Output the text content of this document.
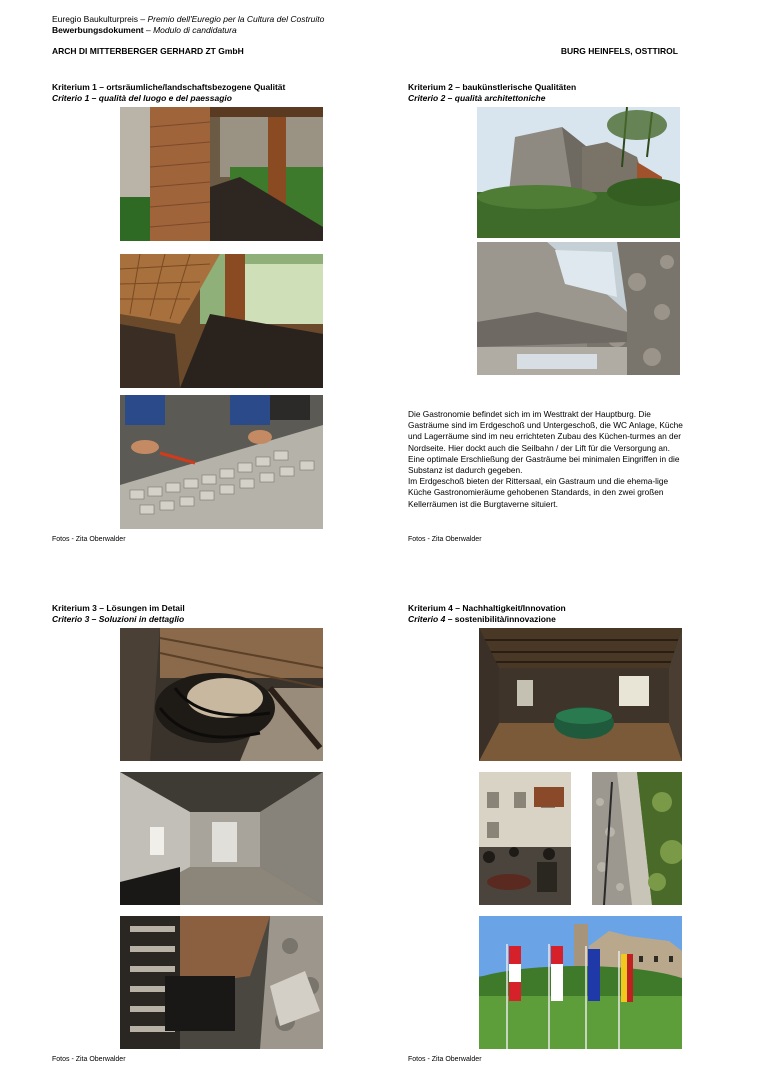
Euregio Baukulturpreis – Premio dell'Euregio per la Cultura del Costruito
Bewerbungsdokument – Modulo di candidatura
ARCH DI MITTERBERGER GERHARD ZT GmbH	BURG HEINFELS, OSTTIROL
Kriterium 1 – ortsräumliche/landschaftsbezogene Qualität
Criterio 1 – qualità del luogo e del paessagio
Fotos - Zita Oberwalder
Kriterium 2 – baukünstlerische Qualitäten
Criterio 2 – qualità architettoniche
Die Gastronomie befindet sich im im Westtrakt der Hauptburg. Die Gasträume sind im Erdgeschoß und Untergeschoß, die WC Anlage, Küche und Lagerräume sind im neu errichteten Zubau des Küchen-turmes an der Nordseite. Hier dockt auch die Seilbahn / der Lift für die Versorgung an. Eine optimale Erschließung der Gasträume bei minimalen Eingriffen in die Substanz ist dadurch gegeben.
Im Erdgeschoß bieten der Rittersaal, ein Gastraum und die ehema-lige Küche Gastronomieräume gehobenen Standards, in den zwei großen Kellerräumen ist die Burgtaverne situiert.
Fotos - Zita Oberwalder
Kriterium 3 – Lösungen im Detail
Criterio 3 – Soluzioni in dettaglio
Fotos - Zita Oberwalder
Kriterium 4 – Nachhaltigkeit/Innovation
Criterio 4 – sostenibilità/innovazione
Fotos - Zita Oberwalder
